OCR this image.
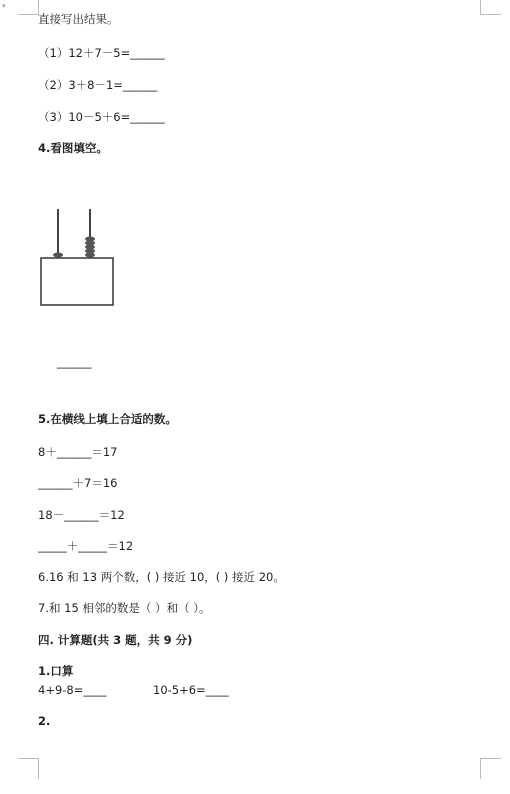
▾
直接写出结果。
（1）12＋7－5=______
（2）3＋8－1=______
（3）10－5＋6=______
4.看图填空。
______
5.在横线上填上合适的数。
8＋______＝17
______＋7＝16
18－______＝12
_____＋_____＝12
6.16 和 13 两个数，( ) 接近 10，( ) 接近 20。
7.和 15 相邻的数是（ ）和（ ）。
四. 计算题(共 3 题，共 9 分)
1.口算
4+9-8=____	10-5+6=____
2.
